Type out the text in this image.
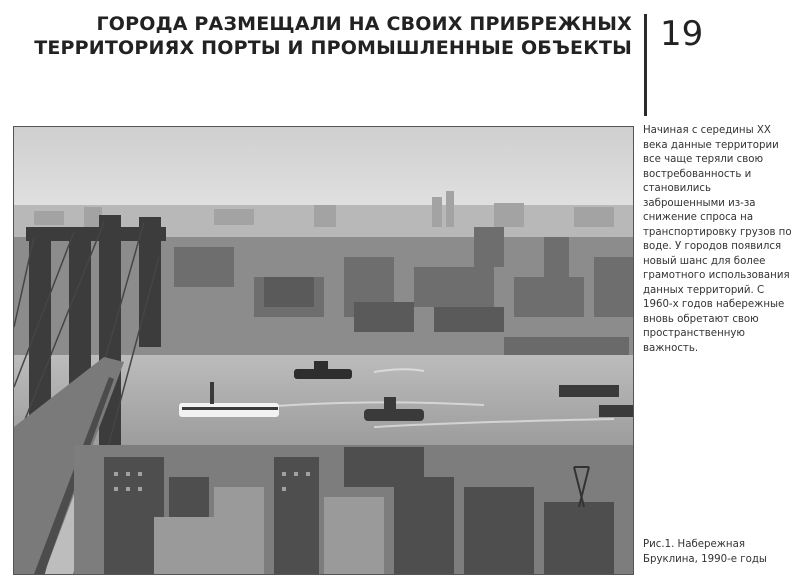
ГОРОДА РАЗМЕЩАЛИ НА СВОИХ ПРИБРЕЖНЫХ
ТЕРРИТОРИЯХ ПОРТЫ И ПРОМЫШЛЕННЫЕ ОБЪЕКТЫ 19
Начиная с середины XX века данные территории все чаще теряли свою востребованность и становились заброшенными из-за снижение спроса на транспортировку грузов по воде. У городов появился новый шанс для более грамотного использования данных территорий. С 1960-х годов набережные вновь обретают свою пространственную важность.
Рис.1. Набережная Бруклина, 1990-е годы
